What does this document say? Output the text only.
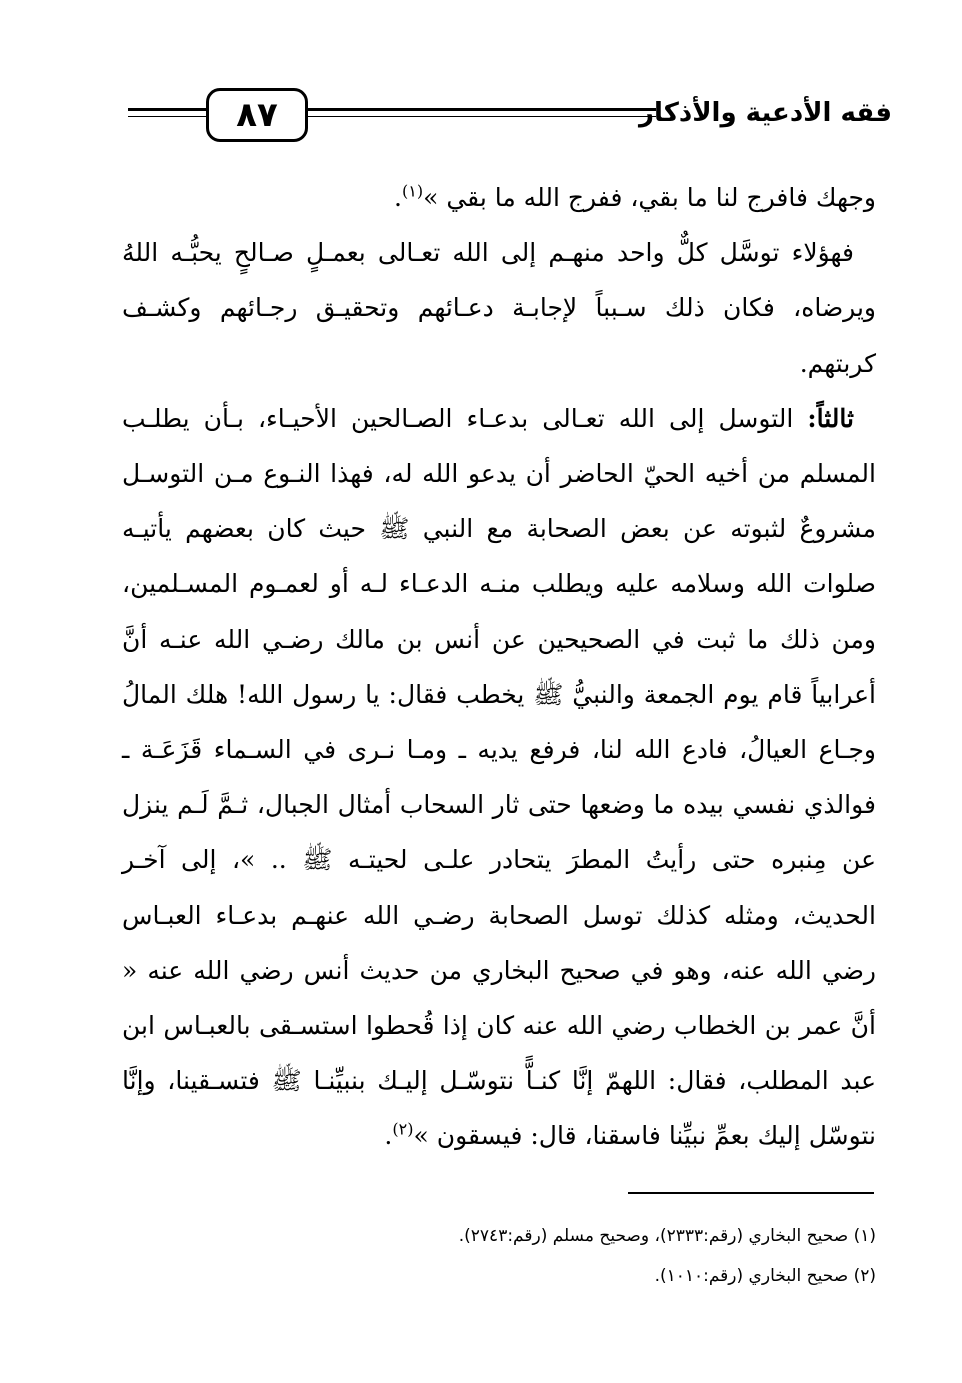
٨٧	فقه الأدعية والأذكار

وجهك فافرج لنا ما بقي، ففرج الله ما بقي »$^{(١)}$.

فهؤلاء توسَّل كلٌّ واحد منهـم إلى الله تعـالى بعمـلٍ صـالحٍ يحبُّـه اللهُ ويرضاه، فكان ذلك سـبباً لإجابـة دعـائهم وتحقيـق رجـائهم وكشـف كربتهم.

ثالثاً: التوسل إلى الله تعـالى بدعـاء الصـالحين الأحيـاء، بـأن يطلـب المسلم من أخيه الحيّ الحاضر أن يدعو الله له، فهذا النـوع مـن التوسـل مشروعٌ لثبوته عن بعض الصحابة مع النبي ﷺ حيث كان بعضهم يأتيـه صلوات الله وسلامه عليه ويطلب منـه الدعـاء لـه أو لعمـوم المسـلمين، ومن ذلك ما ثبت في الصحيحين عن أنس بن مالك رضـي الله عنـه أنَّ أعرابياً قام يوم الجمعة والنبيُّ ﷺ يخطب فقال: يا رسول الله! هلك المالُ وجـاع العيالُ، فادع الله لنا، فرفع يديه ـ ومـا نـرى في السـماء قَزَعَـة ـ فوالذي نفسي بيده ما وضعها حتى ثار السحاب أمثال الجبال، ثـمَّ لَـم ينزل عن مِنبره حتى رأيتُ المطرَ يتحادر علـى لحيتـه ﷺ .. »، إلى آخـر الحديث، ومثله كذلك توسل الصحابة رضـي الله عنهـم بدعـاء العبـاس رضي الله عنه، وهو في صحيح البخاري من حديث أنس رضي الله عنه « أنَّ عمر بن الخطاب رضي الله عنه كان إذا قُحطوا استسـقى بالعبـاس ابن عبد المطلب، فقال: اللهمّ إنَّا كنـاًّ نتوسّـل إليـك بنبيِّنـا ﷺ فتسـقينا، وإنَّا نتوسّل إليك بعمِّ نبيِّنا فاسقنا، قال: فيسقون »$^{(٢)}$.

(١) صحيح البخاري (رقم:٢٣٣٣)، وصحيح مسلم (رقم:٢٧٤٣).
(٢) صحيح البخاري (رقم:١٠١٠).
